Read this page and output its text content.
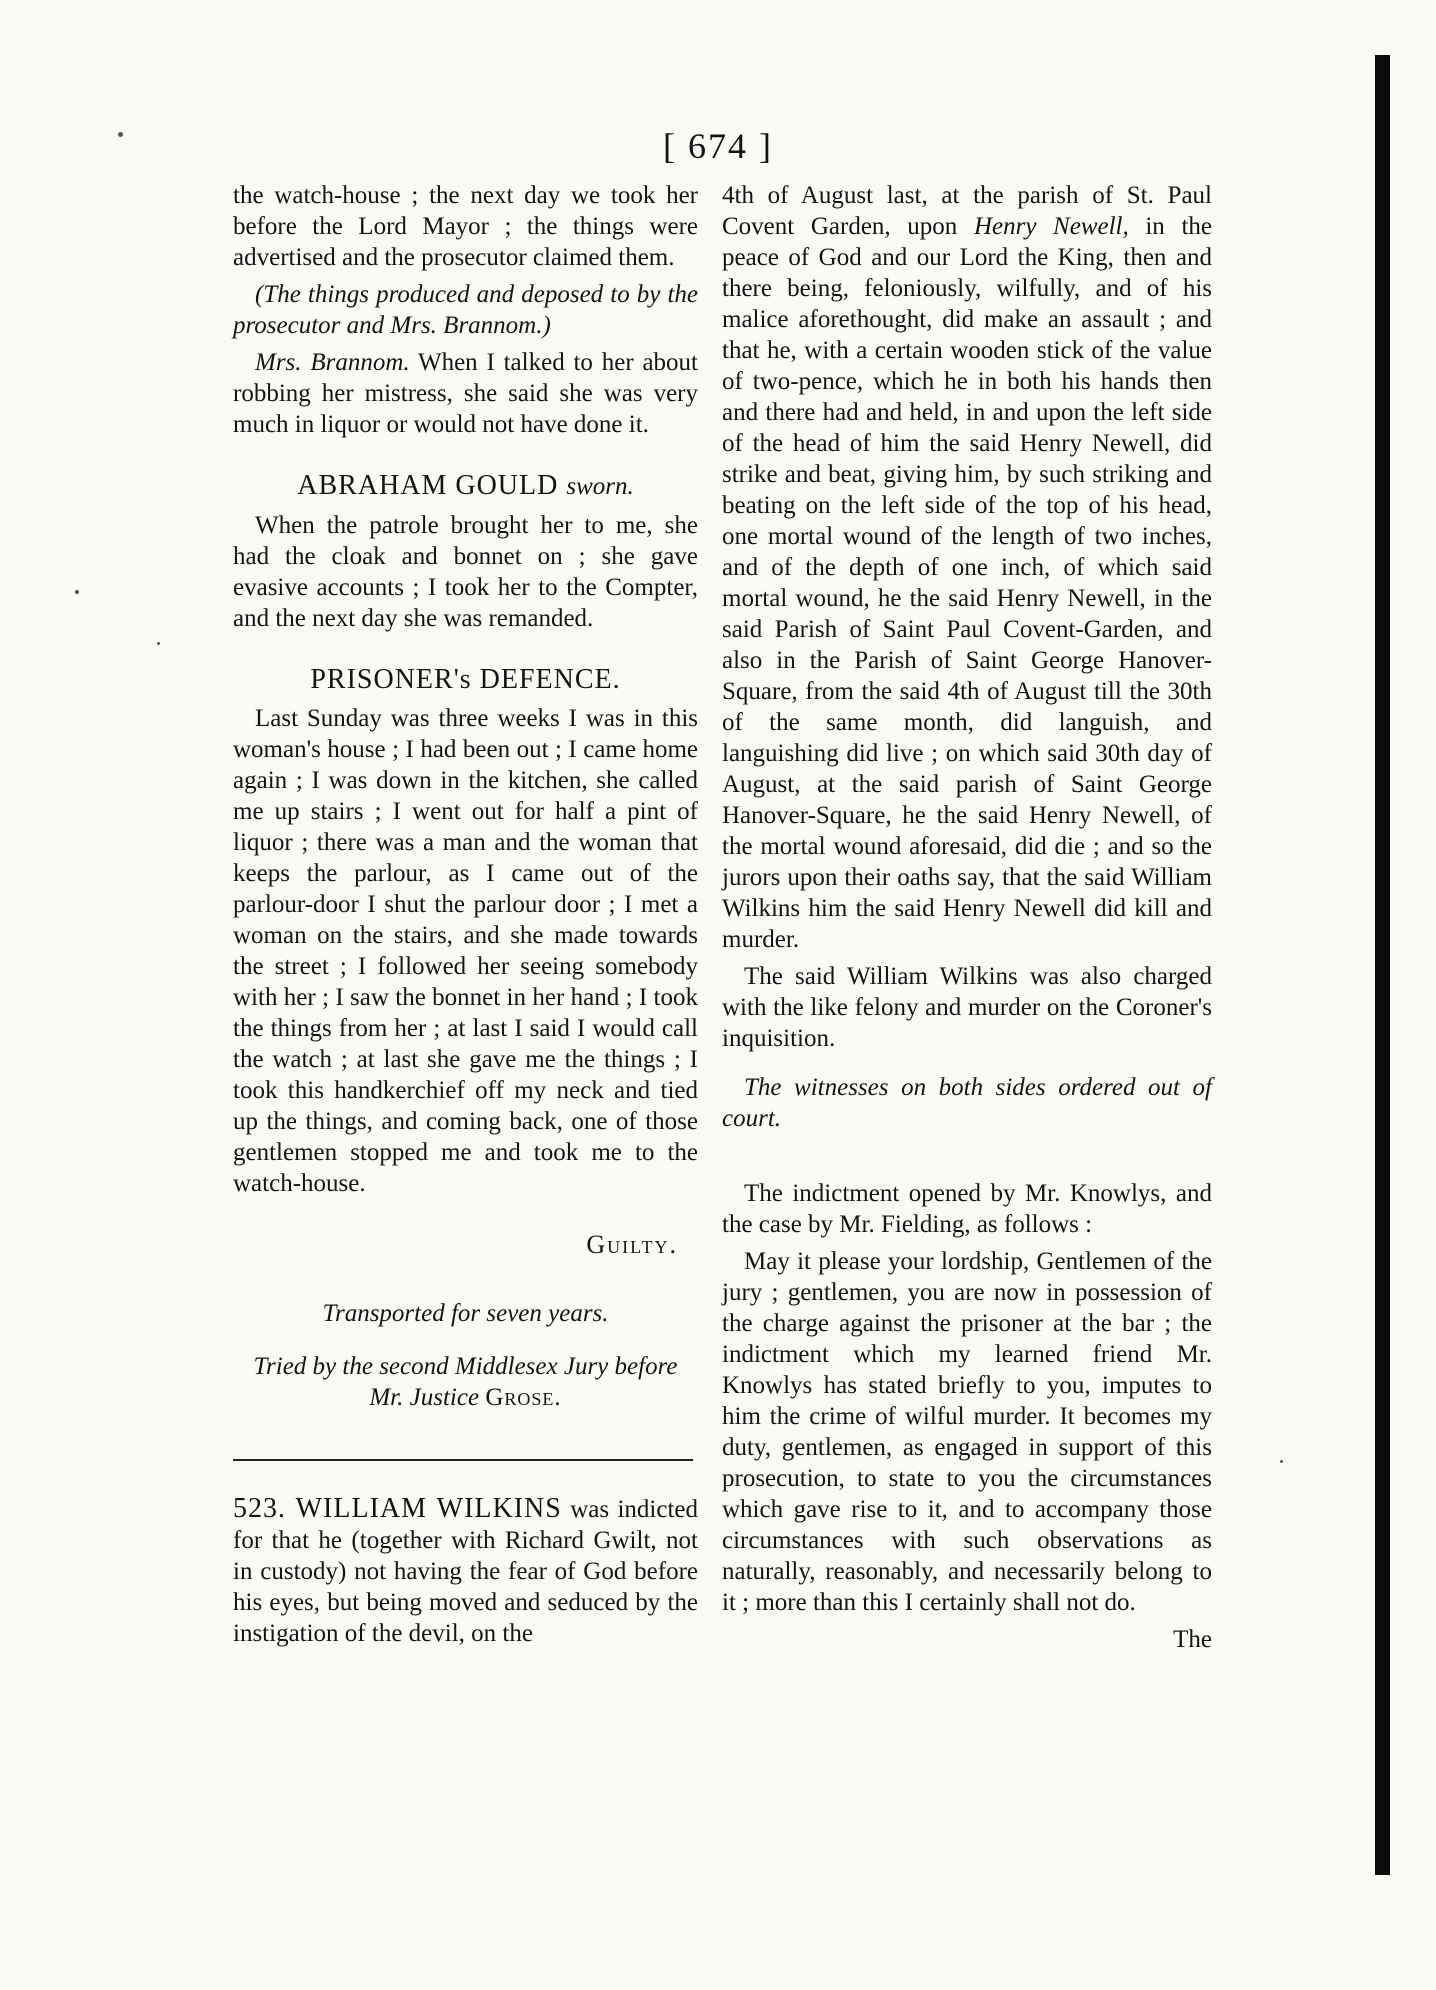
[ 674 ]

the watch-house ; the next day we took her before the Lord Mayor ; the things were advertised and the prosecutor claimed them.

(The things produced and deposed to by the prosecutor and Mrs. Brannom.)

Mrs. Brannom. When I talked to her about robbing her mistress, she said she was very much in liquor or would not have done it.

ABRAHAM GOULD sworn.

When the patrole brought her to me, she had the cloak and bonnet on ; she gave evasive accounts ; I took her to the Compter, and the next day she was remanded.

PRISONER's DEFENCE.

Last Sunday was three weeks I was in this woman's house ; I had been out ; I came home again ; I was down in the kitchen, she called me up stairs ; I went out for half a pint of liquor ; there was a man and the woman that keeps the parlour, as I came out of the parlour-door I shut the parlour door ; I met a woman on the stairs, and she made towards the street ; I followed her seeing somebody with her ; I saw the bonnet in her hand ; I took the things from her ; at last I said I would call the watch ; at last she gave me the things ; I took this handkerchief off my neck and tied up the things, and coming back, one of those gentlemen stopped me and took me to the watch-house.

Guilty.
Transported for seven years.
Tried by the second Middlesex Jury before
Mr. Justice Grose.

523. WILLIAM WILKINS was indicted for that he (together with Richard Gwilt, not in custody) not having the fear of God before his eyes, but being moved and seduced by the instigation of the devil, on the

4th of August last, at the parish of St. Paul Covent Garden, upon Henry Newell, in the peace of God and our Lord the King, then and there being, feloniously, wilfully, and of his malice aforethought, did make an assault ; and that he, with a certain wooden stick of the value of two-pence, which he in both his hands then and there had and held, in and upon the left side of the head of him the said Henry Newell, did strike and beat, giving him, by such striking and beating on the left side of the top of his head, one mortal wound of the length of two inches, and of the depth of one inch, of which said mortal wound, he the said Henry Newell, in the said Parish of Saint Paul Covent-Garden, and also in the Parish of Saint George Hanover-Square, from the said 4th of August till the 30th of the same month, did languish, and languishing did live ; on which said 30th day of August, at the said parish of Saint George Hanover-Square, he the said Henry Newell, of the mortal wound aforesaid, did die ; and so the jurors upon their oaths say, that the said William Wilkins him the said Henry Newell did kill and murder.

The said William Wilkins was also charged with the like felony and murder on the Coroner's inquisition.

The witnesses on both sides ordered out of court.

The indictment opened by Mr. Knowlys, and the case by Mr. Fielding, as follows :

May it please your lordship, Gentlemen of the jury ; gentlemen, you are now in possession of the charge against the prisoner at the bar ; the indictment which my learned friend Mr. Knowlys has stated briefly to you, imputes to him the crime of wilful murder. It becomes my duty, gentlemen, as engaged in support of this prosecution, to state to you the circumstances which gave rise to it, and to accompany those circumstances with such observations as naturally, reasonably, and necessarily belong to it ; more than this I certainly shall not do.

The
